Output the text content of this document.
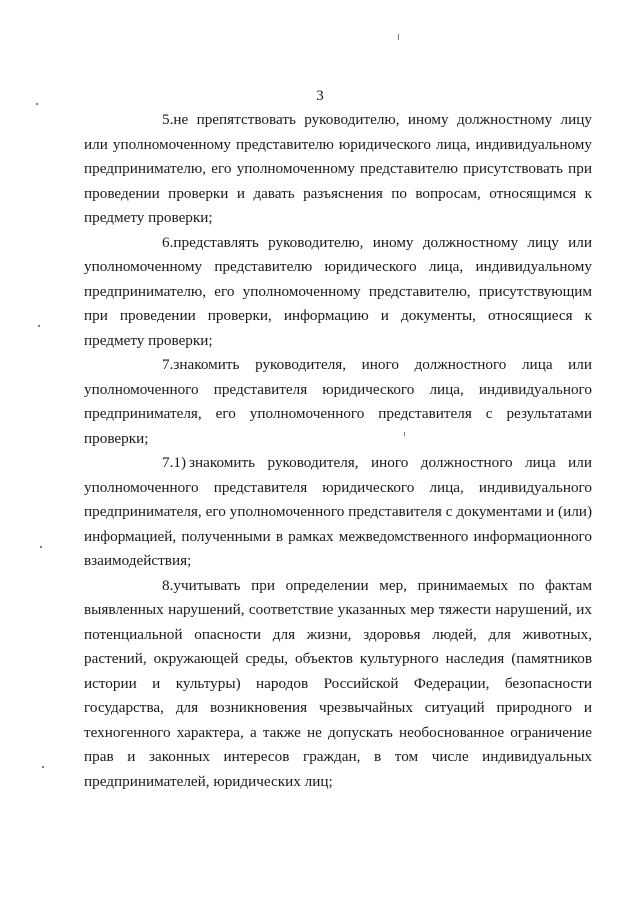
3

5.не препятствовать руководителю, иному должностному лицу или уполномоченному представителю юридического лица, индивидуальному предпринимателю, его уполномоченному представителю присутствовать при проведении проверки и давать разъяснения по вопросам, относящимся к предмету проверки;

6.представлять руководителю, иному должностному лицу или уполномоченному представителю юридического лица, индивидуальному предпринимателю, его уполномоченному представителю, присутствующим при проведении проверки, информацию и документы, относящиеся к предмету проверки;

7.знакомить руководителя, иного должностного лица или уполномоченного представителя юридического лица, индивидуального предпринимателя, его уполномоченного представителя с результатами проверки;

7.1) знакомить руководителя, иного должностного лица или уполномоченного представителя юридического лица, индивидуального предпринимателя, его уполномоченного представителя с документами и (или) информацией, полученными в рамках межведомственного информационного взаимодействия;

8.учитывать при определении мер, принимаемых по фактам выявленных нарушений, соответствие указанных мер тяжести нарушений, их потенциальной опасности для жизни, здоровья людей, для животных, растений, окружающей среды, объектов культурного наследия (памятников истории и культуры) народов Российской Федерации, безопасности государства, для возникновения чрезвычайных ситуаций природного и техногенного характера, а также не допускать необоснованное ограничение прав и законных интересов граждан, в том числе индивидуальных предпринимателей, юридических лиц;
